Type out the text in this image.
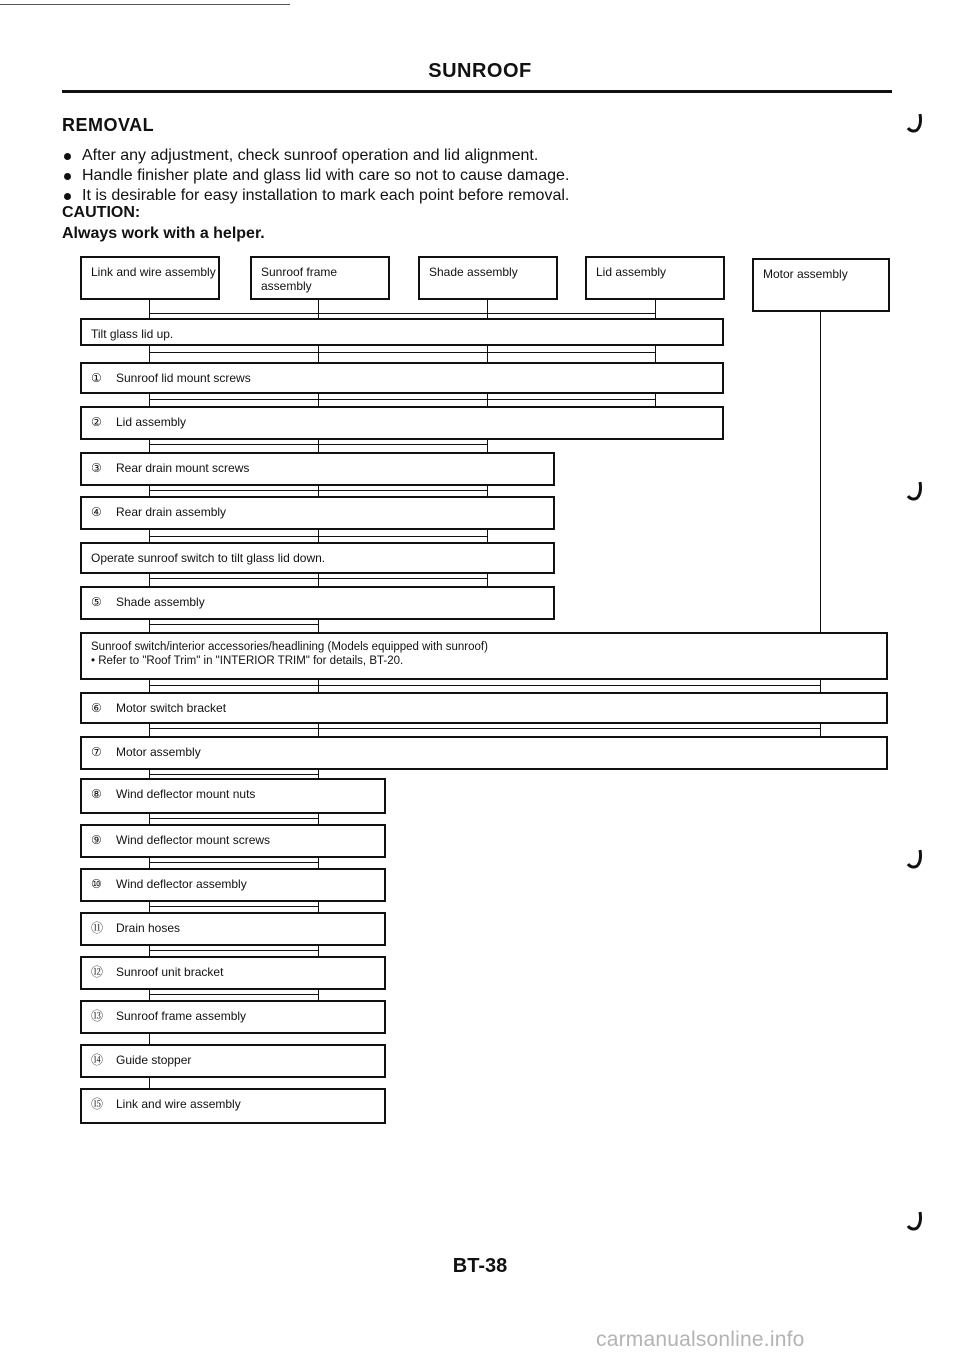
SUNROOF
REMOVAL
After any adjustment, check sunroof operation and lid alignment.
Handle finisher plate and glass lid with care so not to cause damage.
It is desirable for easy installation to mark each point before removal.
CAUTION:
Always work with a helper.
Link and wire assembly	Sunroof frame assembly
Shade assembly	Lid assembly	Motor assembly
Tilt glass lid up.
① Sunroof lid mount screws
② Lid assembly
③ Rear drain mount screws
④ Rear drain assembly
Operate sunroof switch to tilt glass lid down.
⑤ Shade assembly
Sunroof switch/interior accessories/headlining (Models equipped with sunroof)
• Refer to "Roof Trim" in "INTERIOR TRIM" for details, BT-20.
⑥ Motor switch bracket
⑦ Motor assembly
⑧ Wind deflector mount nuts
⑨ Wind deflector mount screws
⑩ Wind deflector assembly
⑪ Drain hoses
⑫ Sunroof unit bracket
⑬ Sunroof frame assembly
⑭ Guide stopper
⑮ Link and wire assembly
BT-38
carmanualsonline.info
